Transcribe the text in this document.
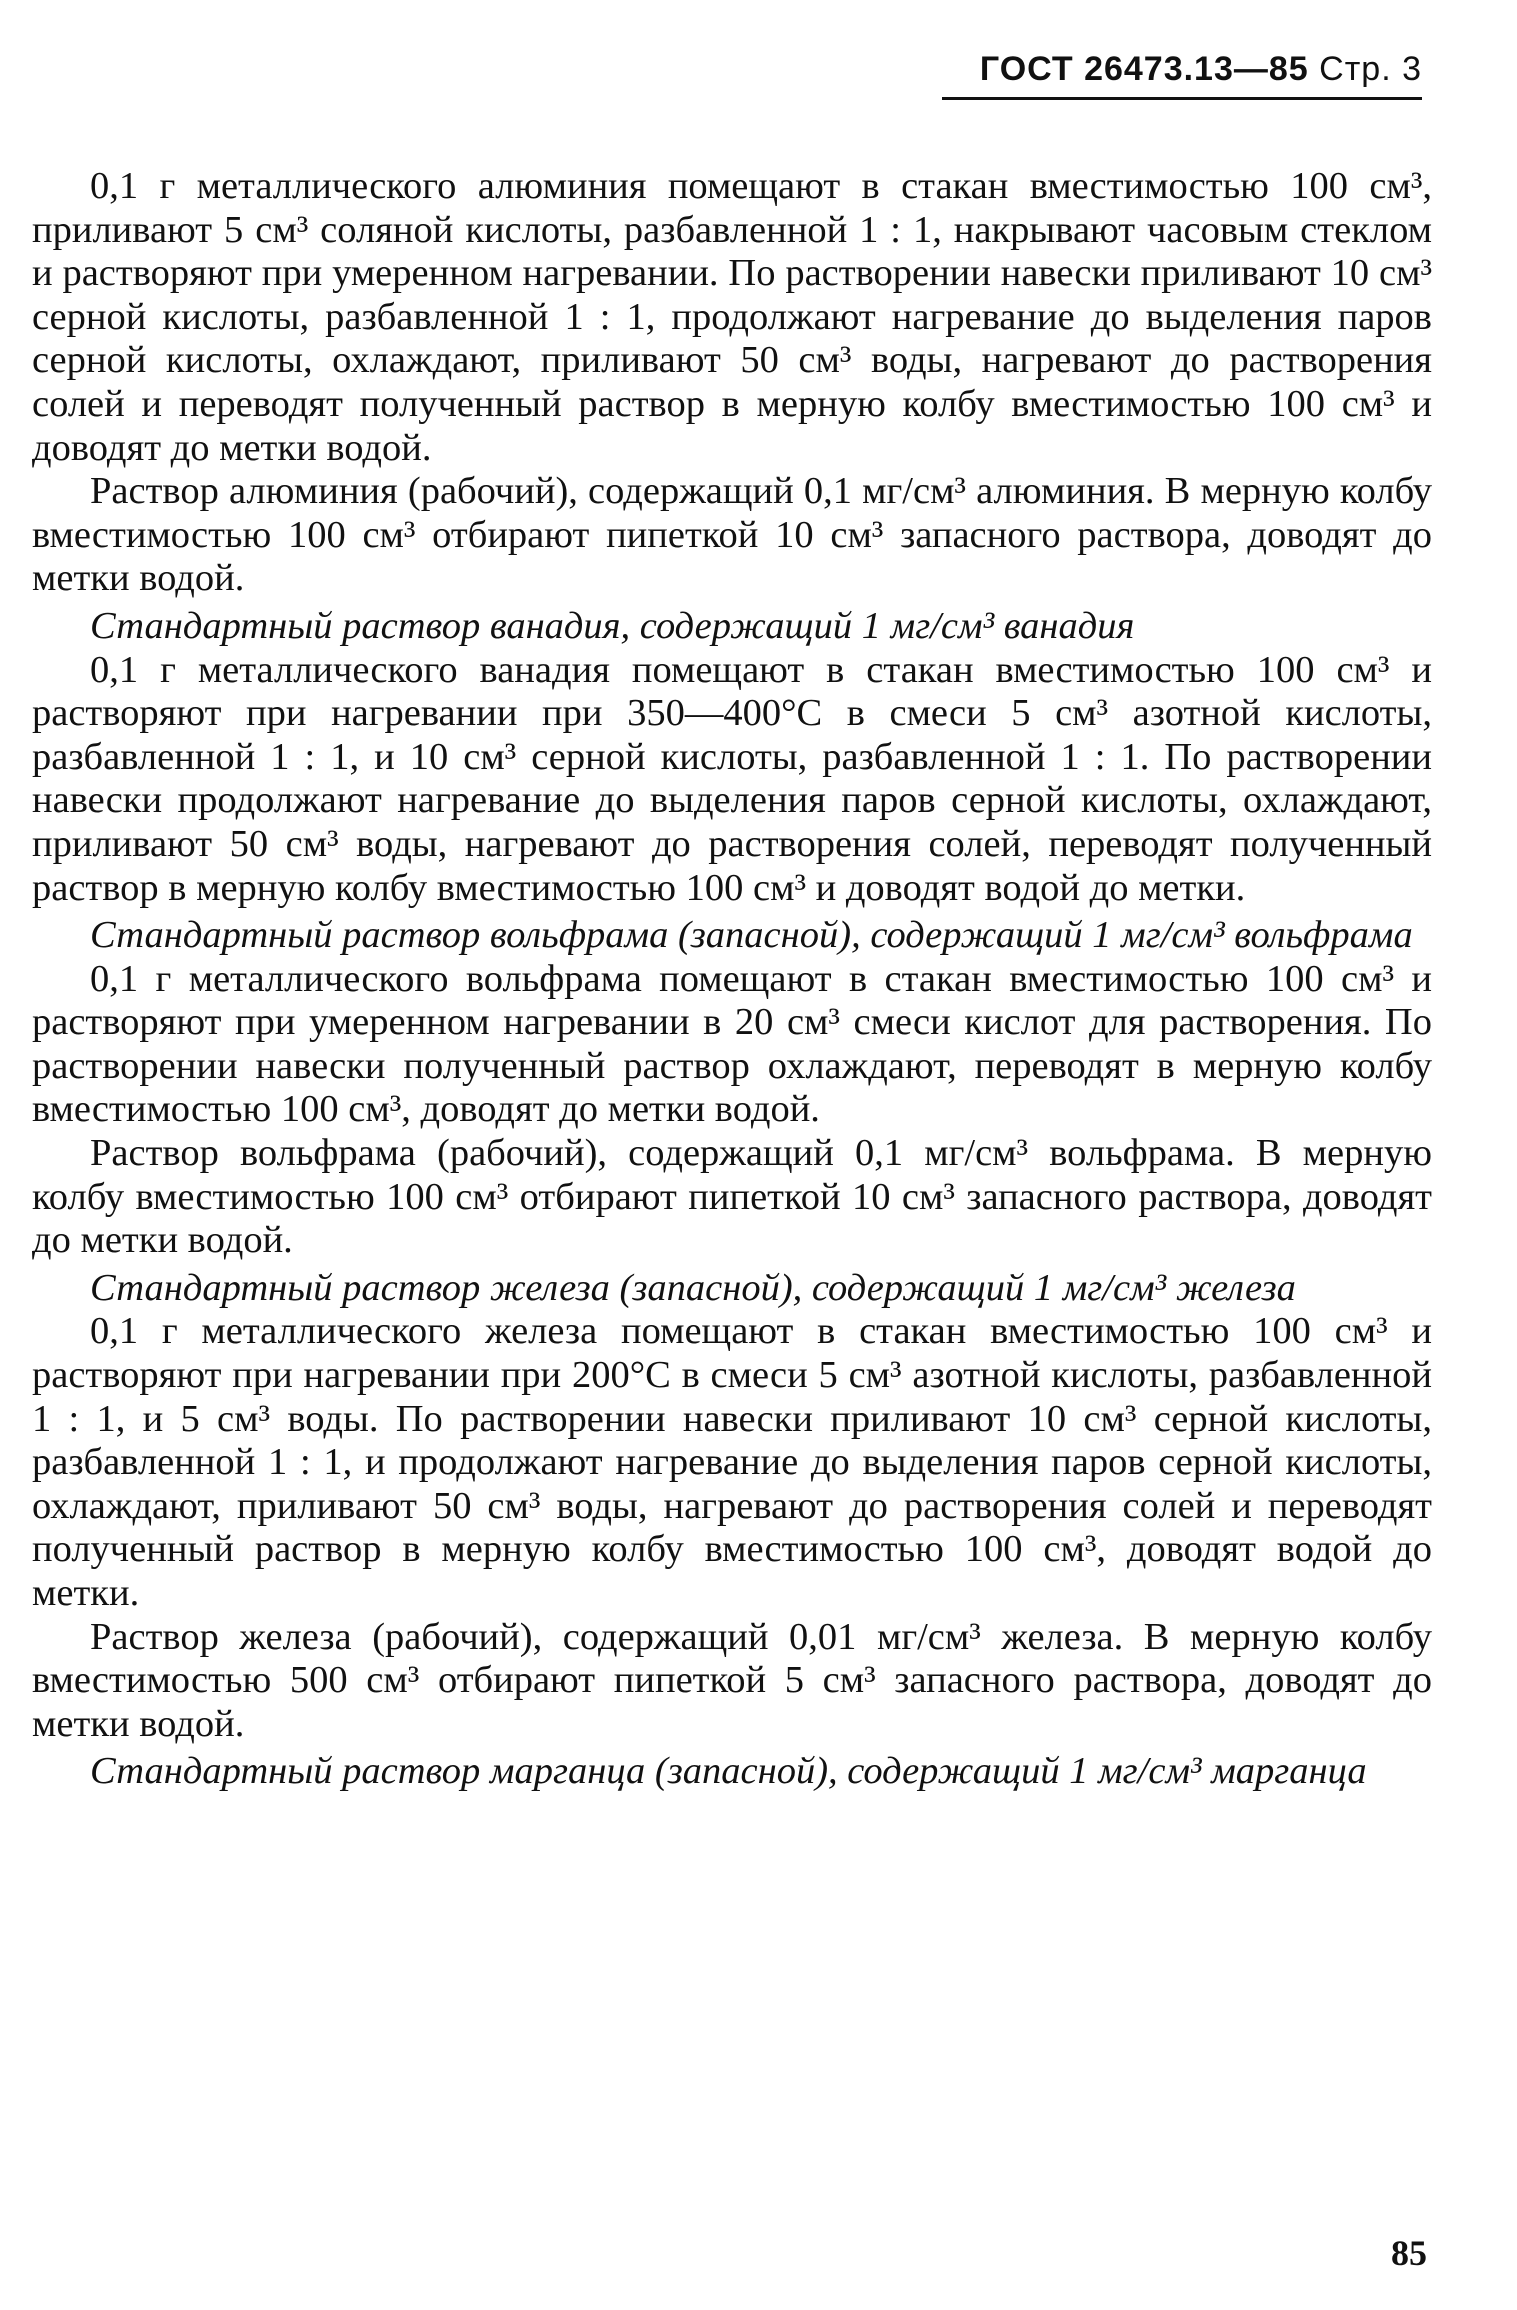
ГОСТ 26473.13—85 Стр. 3

0,1 г металлического алюминия помещают в стакан вместимостью 100 см³, приливают 5 см³ соляной кислоты, разбавленной 1 : 1, накрывают часовым стеклом и растворяют при умеренном нагревании. По растворении навески приливают 10 см³ серной кислоты, разбавленной 1 : 1, продолжают нагревание до выделения паров серной кислоты, охлаждают, приливают 50 см³ воды, нагревают до растворения солей и переводят полученный раствор в мерную колбу вместимостью 100 см³ и доводят до метки водой.

Раствор алюминия (рабочий), содержащий 0,1 мг/см³ алюминия. В мерную колбу вместимостью 100 см³ отбирают пипеткой 10 см³ запасного раствора, доводят до метки водой.

Стандартный раствор ванадия, содержащий 1 мг/см³ ванадия

0,1 г металлического ванадия помещают в стакан вместимостью 100 см³ и растворяют при нагревании при 350—400°С в смеси 5 см³ азотной кислоты, разбавленной 1 : 1, и 10 см³ серной кислоты, разбавленной 1 : 1. По растворении навески продолжают нагревание до выделения паров серной кислоты, охлаждают, приливают 50 см³ воды, нагревают до растворения солей, переводят полученный раствор в мерную колбу вместимостью 100 см³ и доводят водой до метки.

Стандартный раствор вольфрама (запасной), содержащий 1 мг/см³ вольфрама

0,1 г металлического вольфрама помещают в стакан вместимостью 100 см³ и растворяют при умеренном нагревании в 20 см³ смеси кислот для растворения. По растворении навески полученный раствор охлаждают, переводят в мерную колбу вместимостью 100 см³, доводят до метки водой.

Раствор вольфрама (рабочий), содержащий 0,1 мг/см³ вольфрама. В мерную колбу вместимостью 100 см³ отбирают пипеткой 10 см³ запасного раствора, доводят до метки водой.

Стандартный раствор железа (запасной), содержащий 1 мг/см³ железа

0,1 г металлического железа помещают в стакан вместимостью 100 см³ и растворяют при нагревании при 200°С в смеси 5 см³ азотной кислоты, разбавленной 1 : 1, и 5 см³ воды. По растворении навески приливают 10 см³ серной кислоты, разбавленной 1 : 1, и продолжают нагревание до выделения паров серной кислоты, охлаждают, приливают 50 см³ воды, нагревают до растворения солей и переводят полученный раствор в мерную колбу вместимостью 100 см³, доводят водой до метки.

Раствор железа (рабочий), содержащий 0,01 мг/см³ железа. В мерную колбу вместимостью 500 см³ отбирают пипеткой 5 см³ запасного раствора, доводят до метки водой.

Стандартный раствор марганца (запасной), содержащий 1 мг/см³ марганца

85
